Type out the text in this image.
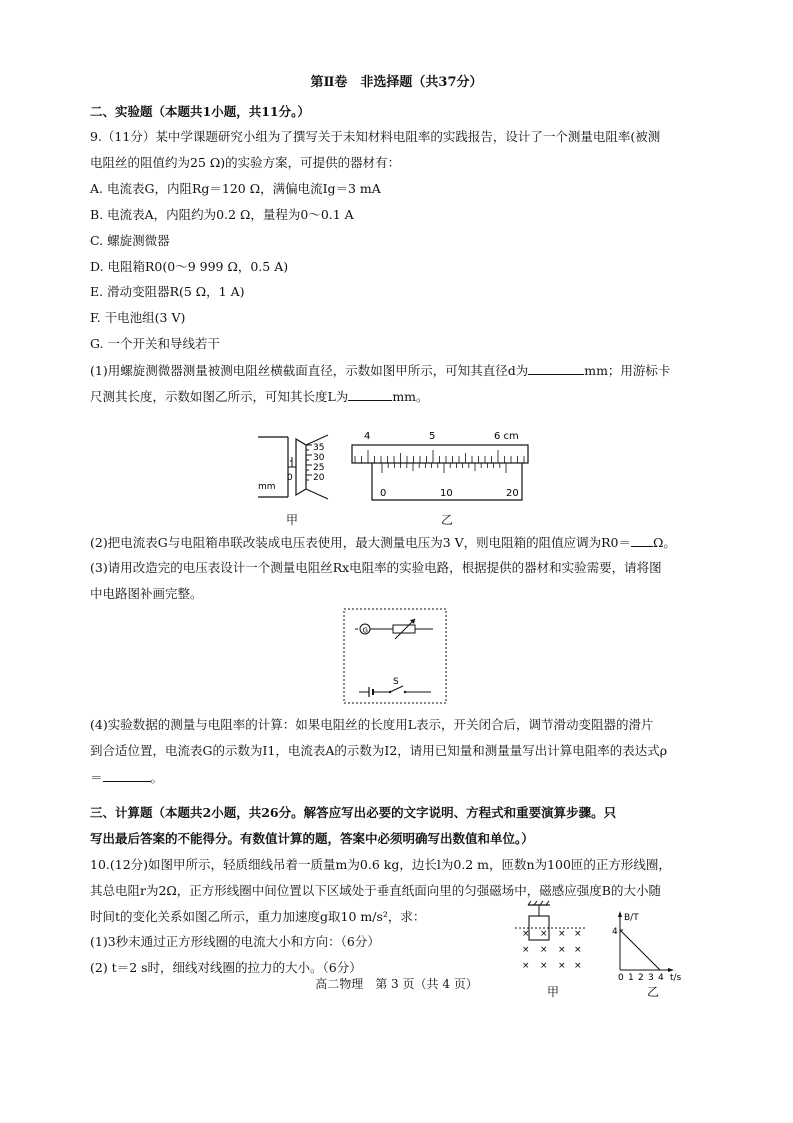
第Ⅱ卷　非选择题（共37分）
二、实验题（本题共1小题，共11分。）
9.（11分）某中学课题研究小组为了撰写关于未知材料电阻率的实践报告，设计了一个测量电阻率(被测
电阻丝的阻值约为25 Ω)的实验方案，可提供的器材有：
A. 电流表G，内阻Rg＝120 Ω，满偏电流Ig＝3 mA
B. 电流表A，内阻约为0.2 Ω，量程为0～0.1 A
C. 螺旋测微器
D. 电阻箱R0(0～9 999 Ω，0.5 A)
E. 滑动变阻器R(5 Ω，1 A)
F. 干电池组(3 V)
G. 一个开关和导线若干
(1)用螺旋测微器测量被测电阻丝横截面直径，示数如图甲所示，可知其直径d为	mm；用游标卡
尺测其长度，示数如图乙所示，可知其长度L为	mm。
mm
35
30
25
20
0
4	5	6 cm
0	10	20
甲	乙
(2)把电流表G与电阻箱串联改装成电压表使用，最大测量电压为3 V，则电阻箱的阻值应调为R0＝ Ω。
(3)请用改造完的电压表设计一个测量电阻丝Rx电阻率的实验电路，根据提供的器材和实验需要，请将图
中电路图补画完整。
G
S
(4)实验数据的测量与电阻率的计算：如果电阻丝的长度用L表示，开关闭合后，调节滑动变阻器的滑片
到合适位置，电流表G的示数为I1，电流表A的示数为I2，请用已知量和测量量写出计算电阻率的表达式ρ
＝	。
三、计算题（本题共2小题，共26分。解答应写出必要的文字说明、方程式和重要演算步骤。只
写出最后答案的不能得分。有数值计算的题，答案中必须明确写出数值和单位。）
10.(12分)如图甲所示，轻质细线吊着一质量m为0.6 kg，边长l为0.2 m，匝数n为100匝的正方形线圈，
其总电阻r为2Ω，正方形线圈中间位置以下区域处于垂直纸面向里的匀强磁场中，磁感应强度B的大小随
时间t的变化关系如图乙所示，重力加速度g取10 m/s²，求：
(1)3秒末通过正方形线圈的电流大小和方向：（6分）
(2) t＝2 s时，细线对线圈的拉力的大小。（6分）
× × × ×
× × × ×
× × × ×
B/T
4
0 1 2 3 4 t/s
甲	乙
高二物理　第 3 页（共 4 页）
